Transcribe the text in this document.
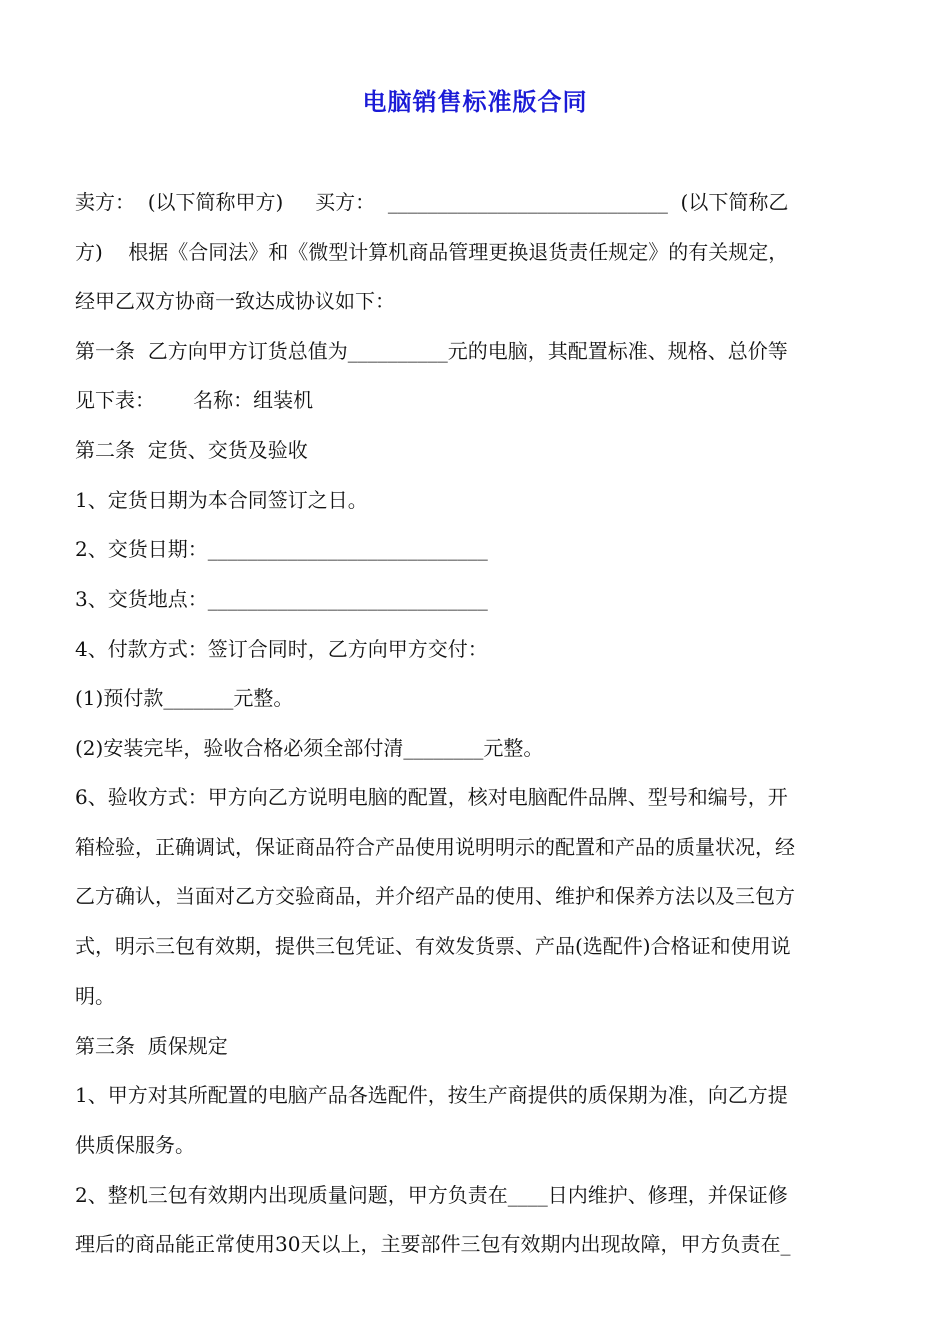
电脑销售标准版合同
卖方：  (以下简称甲方)     买方：  ____________________________  (以下简称乙
方)    根据《合同法》和《微型计算机商品管理更换退货责任规定》的有关规定，
经甲乙双方协商一致达成协议如下：
第一条  乙方向甲方订货总值为__________元的电脑，其配置标准、规格、总价等
见下表：      名称：组装机
第二条  定货、交货及验收
1、定货日期为本合同签订之日。
2、交货日期：____________________________
3、交货地点：____________________________
4、付款方式：签订合同时，乙方向甲方交付：
(1)预付款_______元整。
(2)安装完毕，验收合格必须全部付清________元整。
6、验收方式：甲方向乙方说明电脑的配置，核对电脑配件品牌、型号和编号，开
箱检验，正确调试，保证商品符合产品使用说明明示的配置和产品的质量状况，经
乙方确认，当面对乙方交验商品，并介绍产品的使用、维护和保养方法以及三包方
式，明示三包有效期，提供三包凭证、有效发货票、产品(选配件)合格证和使用说
明。
第三条  质保规定
1、甲方对其所配置的电脑产品各选配件，按生产商提供的质保期为准，向乙方提
供质保服务。
2、整机三包有效期内出现质量问题，甲方负责在____日内维护、修理，并保证修
理后的商品能正常使用30天以上，主要部件三包有效期内出现故障，甲方负责在_
